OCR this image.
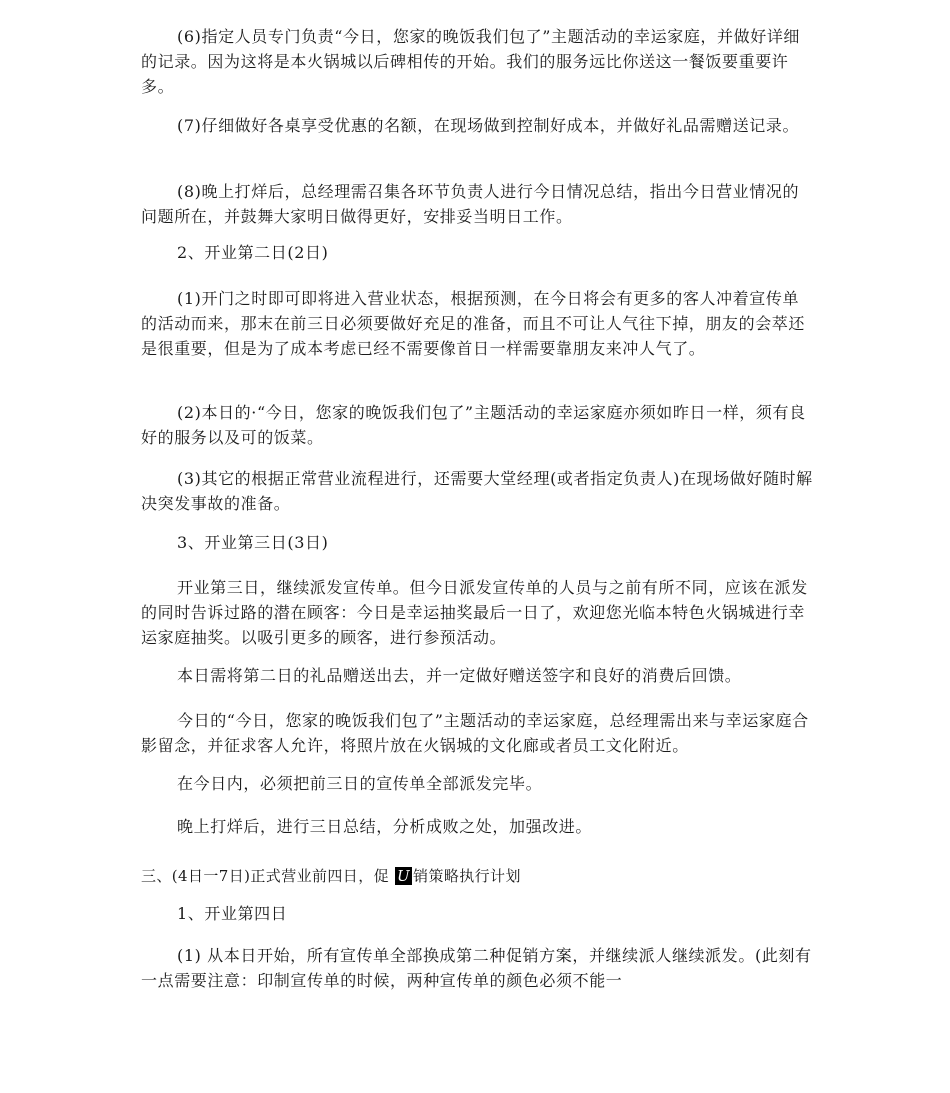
(6)指定人员专门负责“今日，您家的晚饭我们包了”主题活动的幸运家庭，并做好详细的记录。因为这将是本火锅城以后碑相传的开始。我们的服务远比你送这一餐饭要重要许多。

(7)仔细做好各桌享受优惠的名额，在现场做到控制好成本，并做好礼品需赠送记录。

(8)晚上打烊后，总经理需召集各环节负责人进行今日情况总结，指出今日营业情况的问题所在，并鼓舞大家明日做得更好，安排妥当明日工作。

2、开业第二日(2日)

(1)开门之时即可即将进入营业状态，根据预测，在今日将会有更多的客人冲着宣传单的活动而来，那末在前三日必须要做好充足的准备，而且不可让人气往下掉，朋友的会萃还是很重要，但是为了成本考虑已经不需要像首日一样需要靠朋友来冲人气了。

(2)本日的·“今日，您家的晚饭我们包了”主题活动的幸运家庭亦须如昨日一样，须有良好的服务以及可的饭菜。

(3)其它的根据正常营业流程进行，还需要大堂经理(或者指定负责人)在现场做好随时解决突发事故的准备。

3、开业第三日(3日)

开业第三日，继续派发宣传单。但今日派发宣传单的人员与之前有所不同，应该在派发的同时告诉过路的潜在顾客：今日是幸运抽奖最后一日了，欢迎您光临本特色火锅城进行幸运家庭抽奖。以吸引更多的顾客，进行参预活动。

本日需将第二日的礼品赠送出去，并一定做好赠送签字和良好的消费后回馈。

今日的“今日，您家的晚饭我们包了”主题活动的幸运家庭，总经理需出来与幸运家庭合影留念，并征求客人允许，将照片放在火锅城的文化廊或者员工文化附近。

在今日内，必须把前三日的宣传单全部派发完毕。

晚上打烊后，进行三日总结，分析成败之处，加强改进。

三、(4日一7日)正式营业前四日，促 U 销策略执行计划

1、开业第四日

(1) 从本日开始，所有宣传单全部换成第二种促销方案，并继续派人继续派发。(此刻有一点需要注意：印制宣传单的时候，两种宣传单的颜色必须不能一
